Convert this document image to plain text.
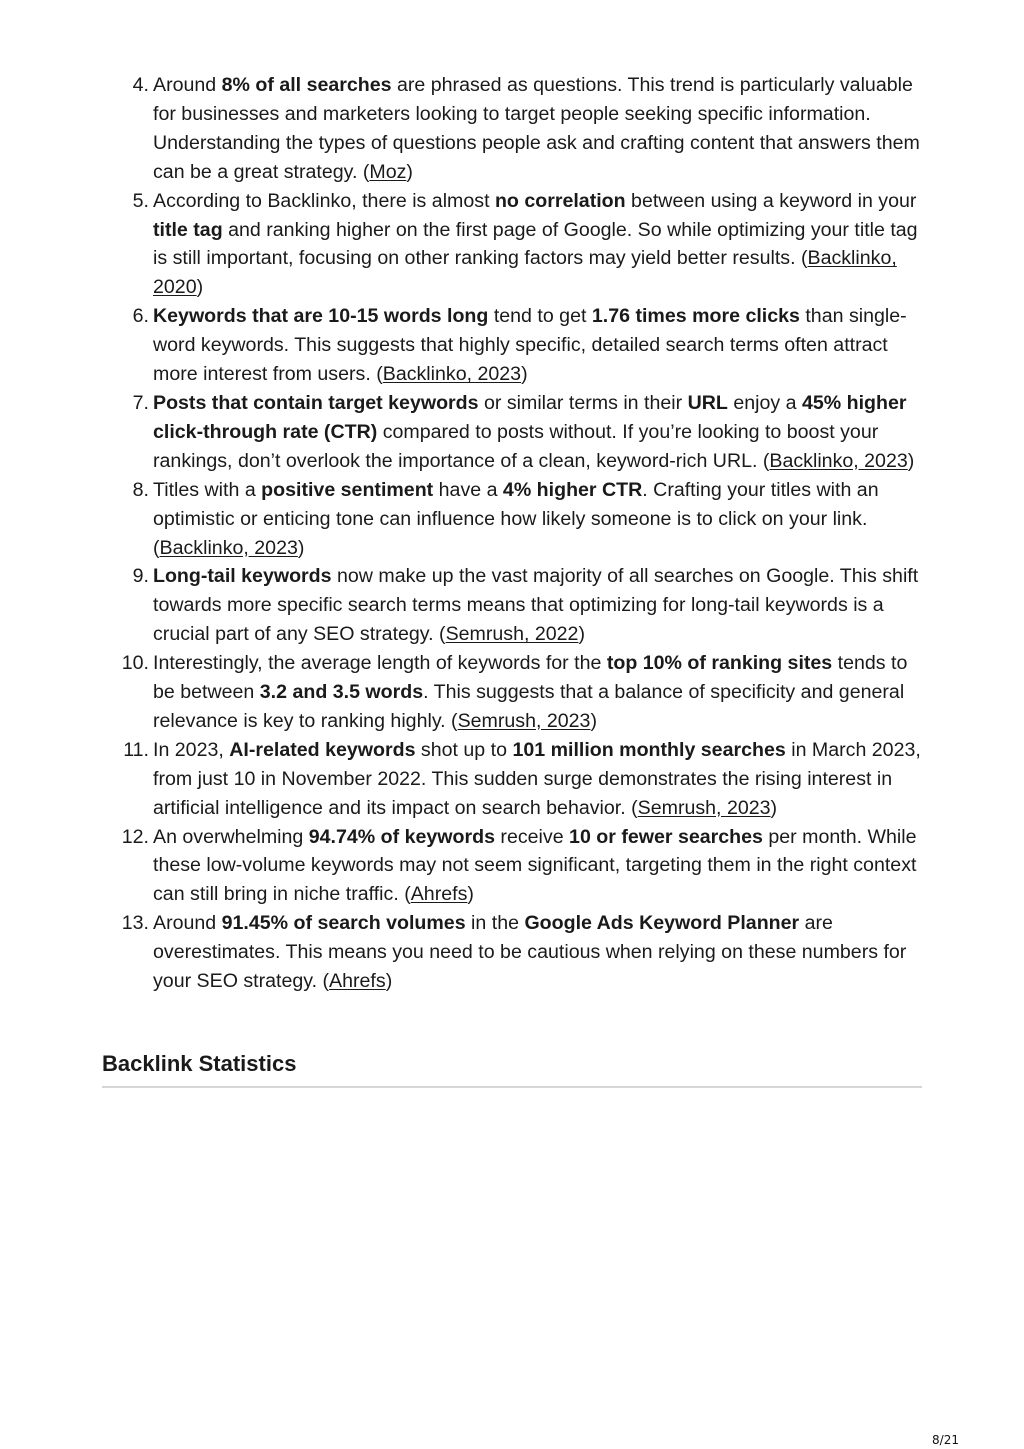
4. Around 8% of all searches are phrased as questions. This trend is particularly valuable for businesses and marketers looking to target people seeking specific information. Understanding the types of questions people ask and crafting content that answers them can be a great strategy. (Moz)
5. According to Backlinko, there is almost no correlation between using a keyword in your title tag and ranking higher on the first page of Google. So while optimizing your title tag is still important, focusing on other ranking factors may yield better results. (Backlinko, 2020)
6. Keywords that are 10-15 words long tend to get 1.76 times more clicks than single-word keywords. This suggests that highly specific, detailed search terms often attract more interest from users. (Backlinko, 2023)
7. Posts that contain target keywords or similar terms in their URL enjoy a 45% higher click-through rate (CTR) compared to posts without. If you’re looking to boost your rankings, don’t overlook the importance of a clean, keyword-rich URL. (Backlinko, 2023)
8. Titles with a positive sentiment have a 4% higher CTR. Crafting your titles with an optimistic or enticing tone can influence how likely someone is to click on your link. (Backlinko, 2023)
9. Long-tail keywords now make up the vast majority of all searches on Google. This shift towards more specific search terms means that optimizing for long-tail keywords is a crucial part of any SEO strategy. (Semrush, 2022)
10. Interestingly, the average length of keywords for the top 10% of ranking sites tends to be between 3.2 and 3.5 words. This suggests that a balance of specificity and general relevance is key to ranking highly. (Semrush, 2023)
11. In 2023, AI-related keywords shot up to 101 million monthly searches in March 2023, from just 10 in November 2022. This sudden surge demonstrates the rising interest in artificial intelligence and its impact on search behavior. (Semrush, 2023)
12. An overwhelming 94.74% of keywords receive 10 or fewer searches per month. While these low-volume keywords may not seem significant, targeting them in the right context can still bring in niche traffic. (Ahrefs)
13. Around 91.45% of search volumes in the Google Ads Keyword Planner are overestimates. This means you need to be cautious when relying on these numbers for your SEO strategy. (Ahrefs)
Backlink Statistics
8/21
